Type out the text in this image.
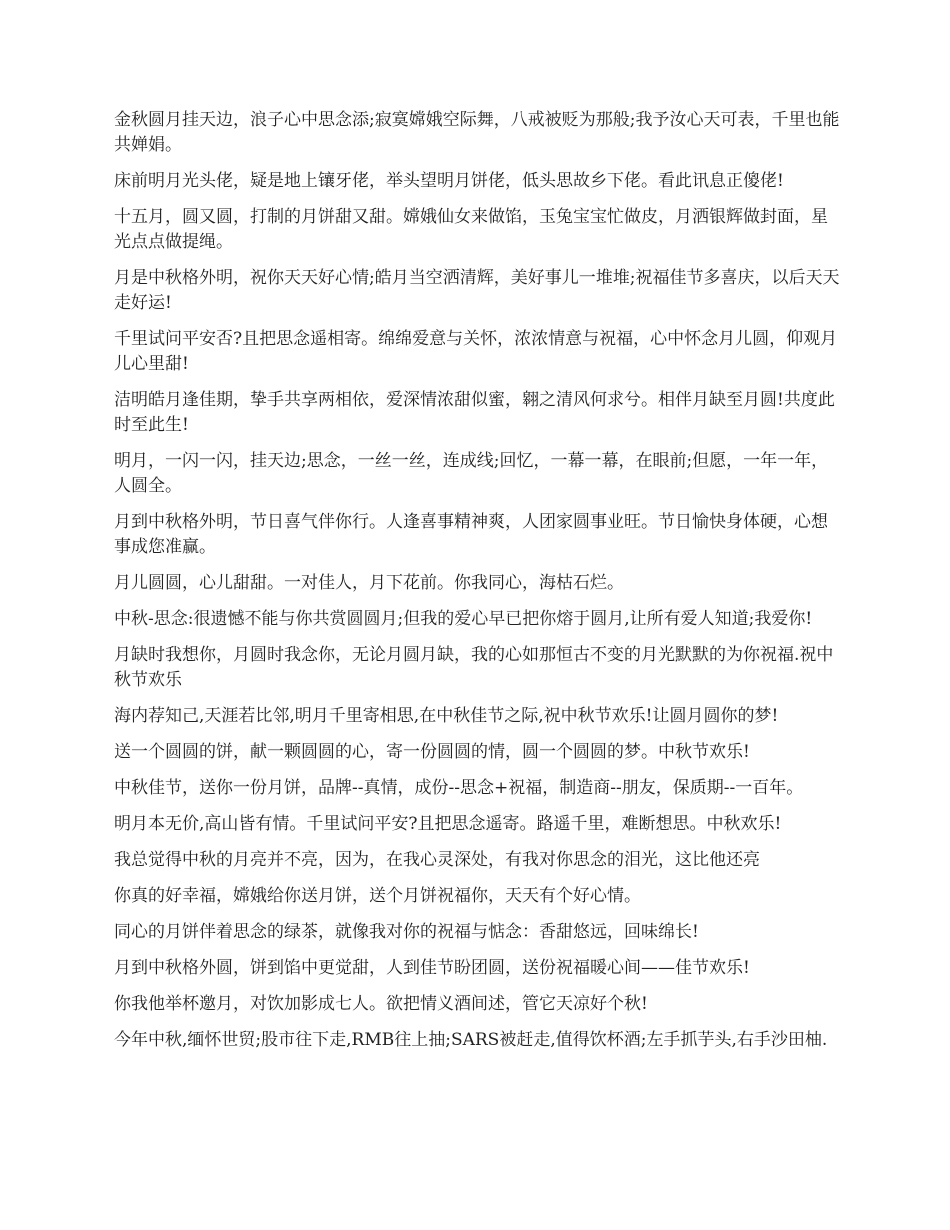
金秋圆月挂天边，浪子心中思念添;寂寞嫦娥空际舞，八戒被贬为那般;我予汝心天可表，千里也能共婵娟。

床前明月光头佬，疑是地上镶牙佬，举头望明月饼佬，低头思故乡下佬。看此讯息正傻佬!

十五月，圆又圆，打制的月饼甜又甜。嫦娥仙女来做馅，玉兔宝宝忙做皮，月洒银辉做封面，星光点点做提绳。

月是中秋格外明，祝你天天好心情;皓月当空洒清辉，美好事儿一堆堆;祝福佳节多喜庆，以后天天走好运!

千里试问平安否?且把思念遥相寄。绵绵爱意与关怀，浓浓情意与祝福，心中怀念月儿圆，仰观月儿心里甜!

洁明皓月逢佳期，挚手共享两相依，爱深情浓甜似蜜，翱之清风何求兮。相伴月缺至月圆!共度此时至此生!

明月，一闪一闪，挂天边;思念，一丝一丝，连成线;回忆，一幕一幕，在眼前;但愿，一年一年，人圆全。

月到中秋格外明，节日喜气伴你行。人逢喜事精神爽，人团家圆事业旺。节日愉快身体硬，心想事成您准赢。

月儿圆圆，心儿甜甜。一对佳人，月下花前。你我同心，海枯石烂。

中秋-思念:很遗憾不能与你共赏圆圆月;但我的爱心早已把你熔于圆月,让所有爱人知道;我爱你!

月缺时我想你，月圆时我念你，无论月圆月缺，我的心如那恒古不变的月光默默的为你祝福.祝中秋节欢乐

海内荐知己,天涯若比邻,明月千里寄相思,在中秋佳节之际,祝中秋节欢乐!让圆月圆你的梦!

送一个圆圆的饼，献一颗圆圆的心，寄一份圆圆的情，圆一个圆圆的梦。中秋节欢乐!

中秋佳节，送你一份月饼，品牌--真情，成份--思念+祝福，制造商--朋友，保质期--一百年。

明月本无价,高山皆有情。千里试问平安?且把思念遥寄。路遥千里，难断想思。中秋欢乐!

我总觉得中秋的月亮并不亮，因为，在我心灵深处，有我对你思念的泪光，这比他还亮

你真的好幸福，嫦娥给你送月饼，送个月饼祝福你，天天有个好心情。

同心的月饼伴着思念的绿茶，就像我对你的祝福与惦念：香甜悠远，回味绵长!

月到中秋格外圆，饼到馅中更觉甜，人到佳节盼团圆，送份祝福暖心间——佳节欢乐!

你我他举杯邀月，对饮加影成七人。欲把情义酒间述，管它天凉好个秋!

今年中秋,缅怀世贸;股市往下走,RMB往上抽;SARS被赶走,值得饮杯酒;左手抓芋头,右手沙田柚.
